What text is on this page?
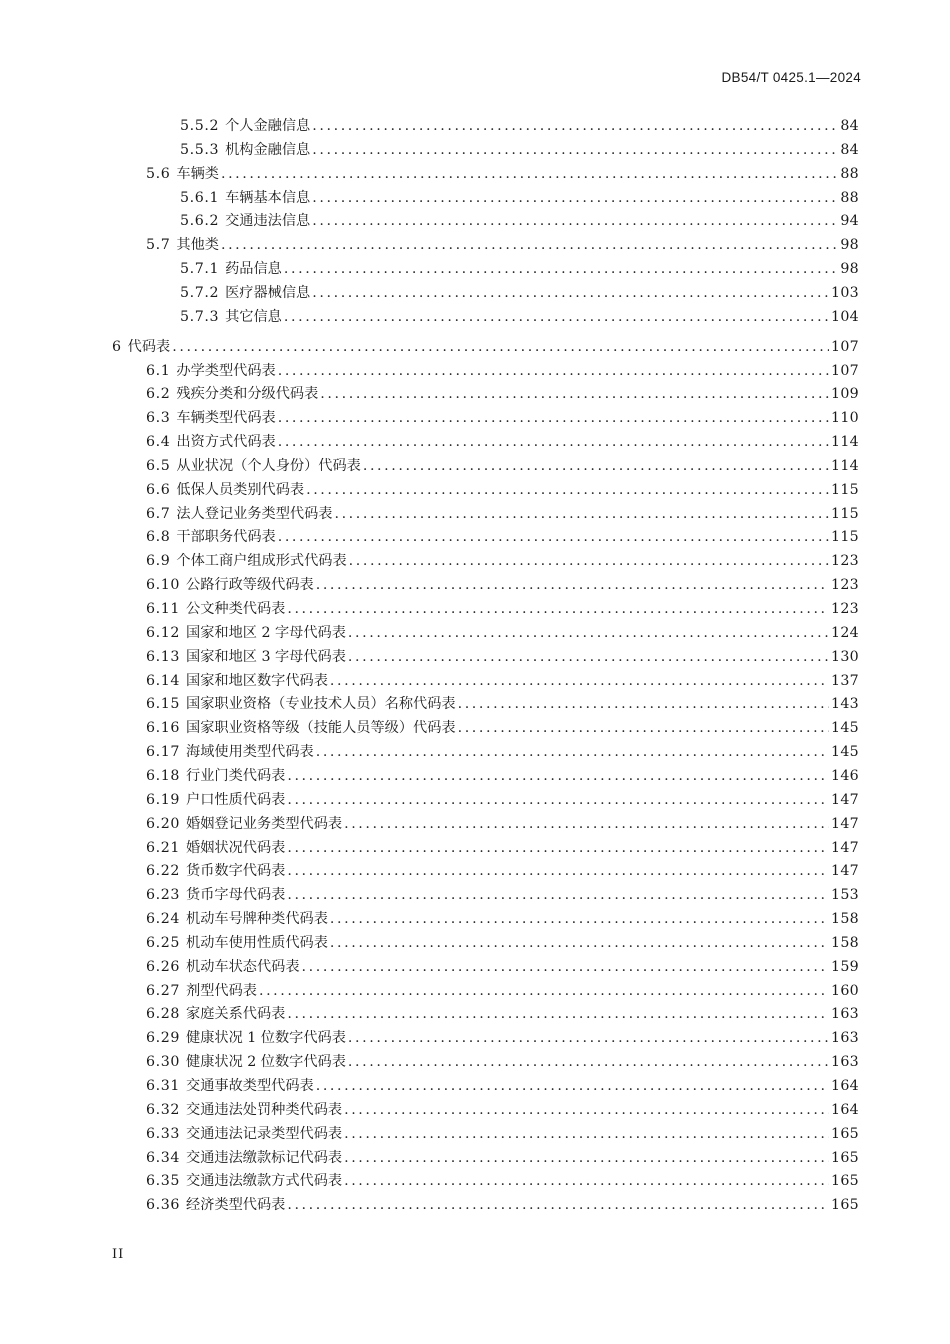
DB54/T 0425.1—2024
5.5.2 个人金融信息 .....	84
5.5.3 机构金融信息 .....	84
5.6 车辆类 .....	88
5.6.1 车辆基本信息 .....	88
5.6.2 交通违法信息 .....	94
5.7 其他类 .....	98
5.7.1 药品信息 .....	98
5.7.2 医疗器械信息 .....	103
5.7.3 其它信息 .....	104
6 代码表 .....	107
6.1 办学类型代码表 .....	107
6.2 残疾分类和分级代码表 .....	109
6.3 车辆类型代码表 .....	110
6.4 出资方式代码表 .....	114
6.5 从业状况（个人身份）代码表 .....	114
6.6 低保人员类别代码表 .....	115
6.7 法人登记业务类型代码表 .....	115
6.8 干部职务代码表 .....	115
6.9 个体工商户组成形式代码表 .....	123
6.10 公路行政等级代码表 .....	123
6.11 公文种类代码表 .....	123
6.12 国家和地区 2 字母代码表 .....	124
6.13 国家和地区 3 字母代码表 .....	130
6.14 国家和地区数字代码表 .....	137
6.15 国家职业资格（专业技术人员）名称代码表 .....	143
6.16 国家职业资格等级（技能人员等级）代码表 .....	145
6.17 海域使用类型代码表 .....	145
6.18 行业门类代码表 .....	146
6.19 户口性质代码表 .....	147
6.20 婚姻登记业务类型代码表 .....	147
6.21 婚姻状况代码表 .....	147
6.22 货币数字代码表 .....	147
6.23 货币字母代码表 .....	153
6.24 机动车号牌种类代码表 .....	158
6.25 机动车使用性质代码表 .....	158
6.26 机动车状态代码表 .....	159
6.27 剂型代码表 .....	160
6.28 家庭关系代码表 .....	163
6.29 健康状况 1 位数字代码表 .....	163
6.30 健康状况 2 位数字代码表 .....	163
6.31 交通事故类型代码表 .....	164
6.32 交通违法处罚种类代码表 .....	164
6.33 交通违法记录类型代码表 .....	165
6.34 交通违法缴款标记代码表 .....	165
6.35 交通违法缴款方式代码表 .....	165
6.36 经济类型代码表 .....	165
II
